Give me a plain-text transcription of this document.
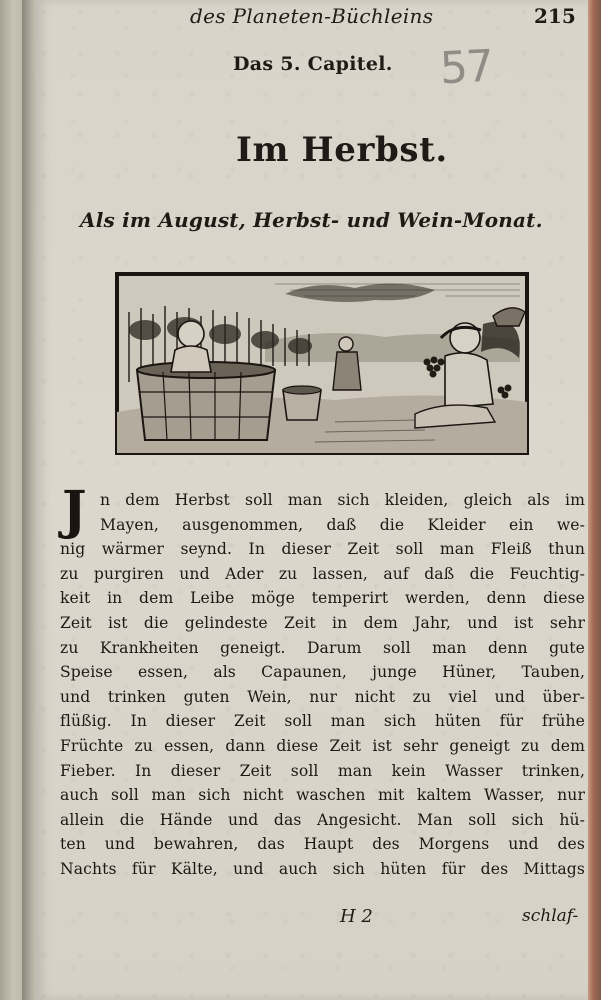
des Planeten-Büchleins	215
Das 5. Capitel. 57
Im Herbst.
Als im August, Herbst- und Wein-Monat.
J n dem Herbst soll man sich kleiden, gleich als im
Mayen, ausgenommen, daß die Kleider ein we-
nig wärmer seynd. In dieser Zeit soll man Fleiß thun
zu purgiren und Ader zu lassen, auf daß die Feuchtig-
keit in dem Leibe möge temperirt werden, denn diese
Zeit ist die gelindeste Zeit in dem Jahr, und ist sehr
zu Krankheiten geneigt. Darum soll man denn gute
Speise essen, als Capaunen, junge Hüner, Tauben,
und trinken guten Wein, nur nicht zu viel und über-
flüßig. In dieser Zeit soll man sich hüten für frühe
Früchte zu essen, dann diese Zeit ist sehr geneigt zu dem
Fieber. In dieser Zeit soll man kein Wasser trinken,
auch soll man sich nicht waschen mit kaltem Wasser, nur
allein die Hände und das Angesicht. Man soll sich hü-
ten und bewahren, das Haupt des Morgens und des
Nachts für Kälte, und auch sich hüten für des Mittags
H 2	schlaf-
